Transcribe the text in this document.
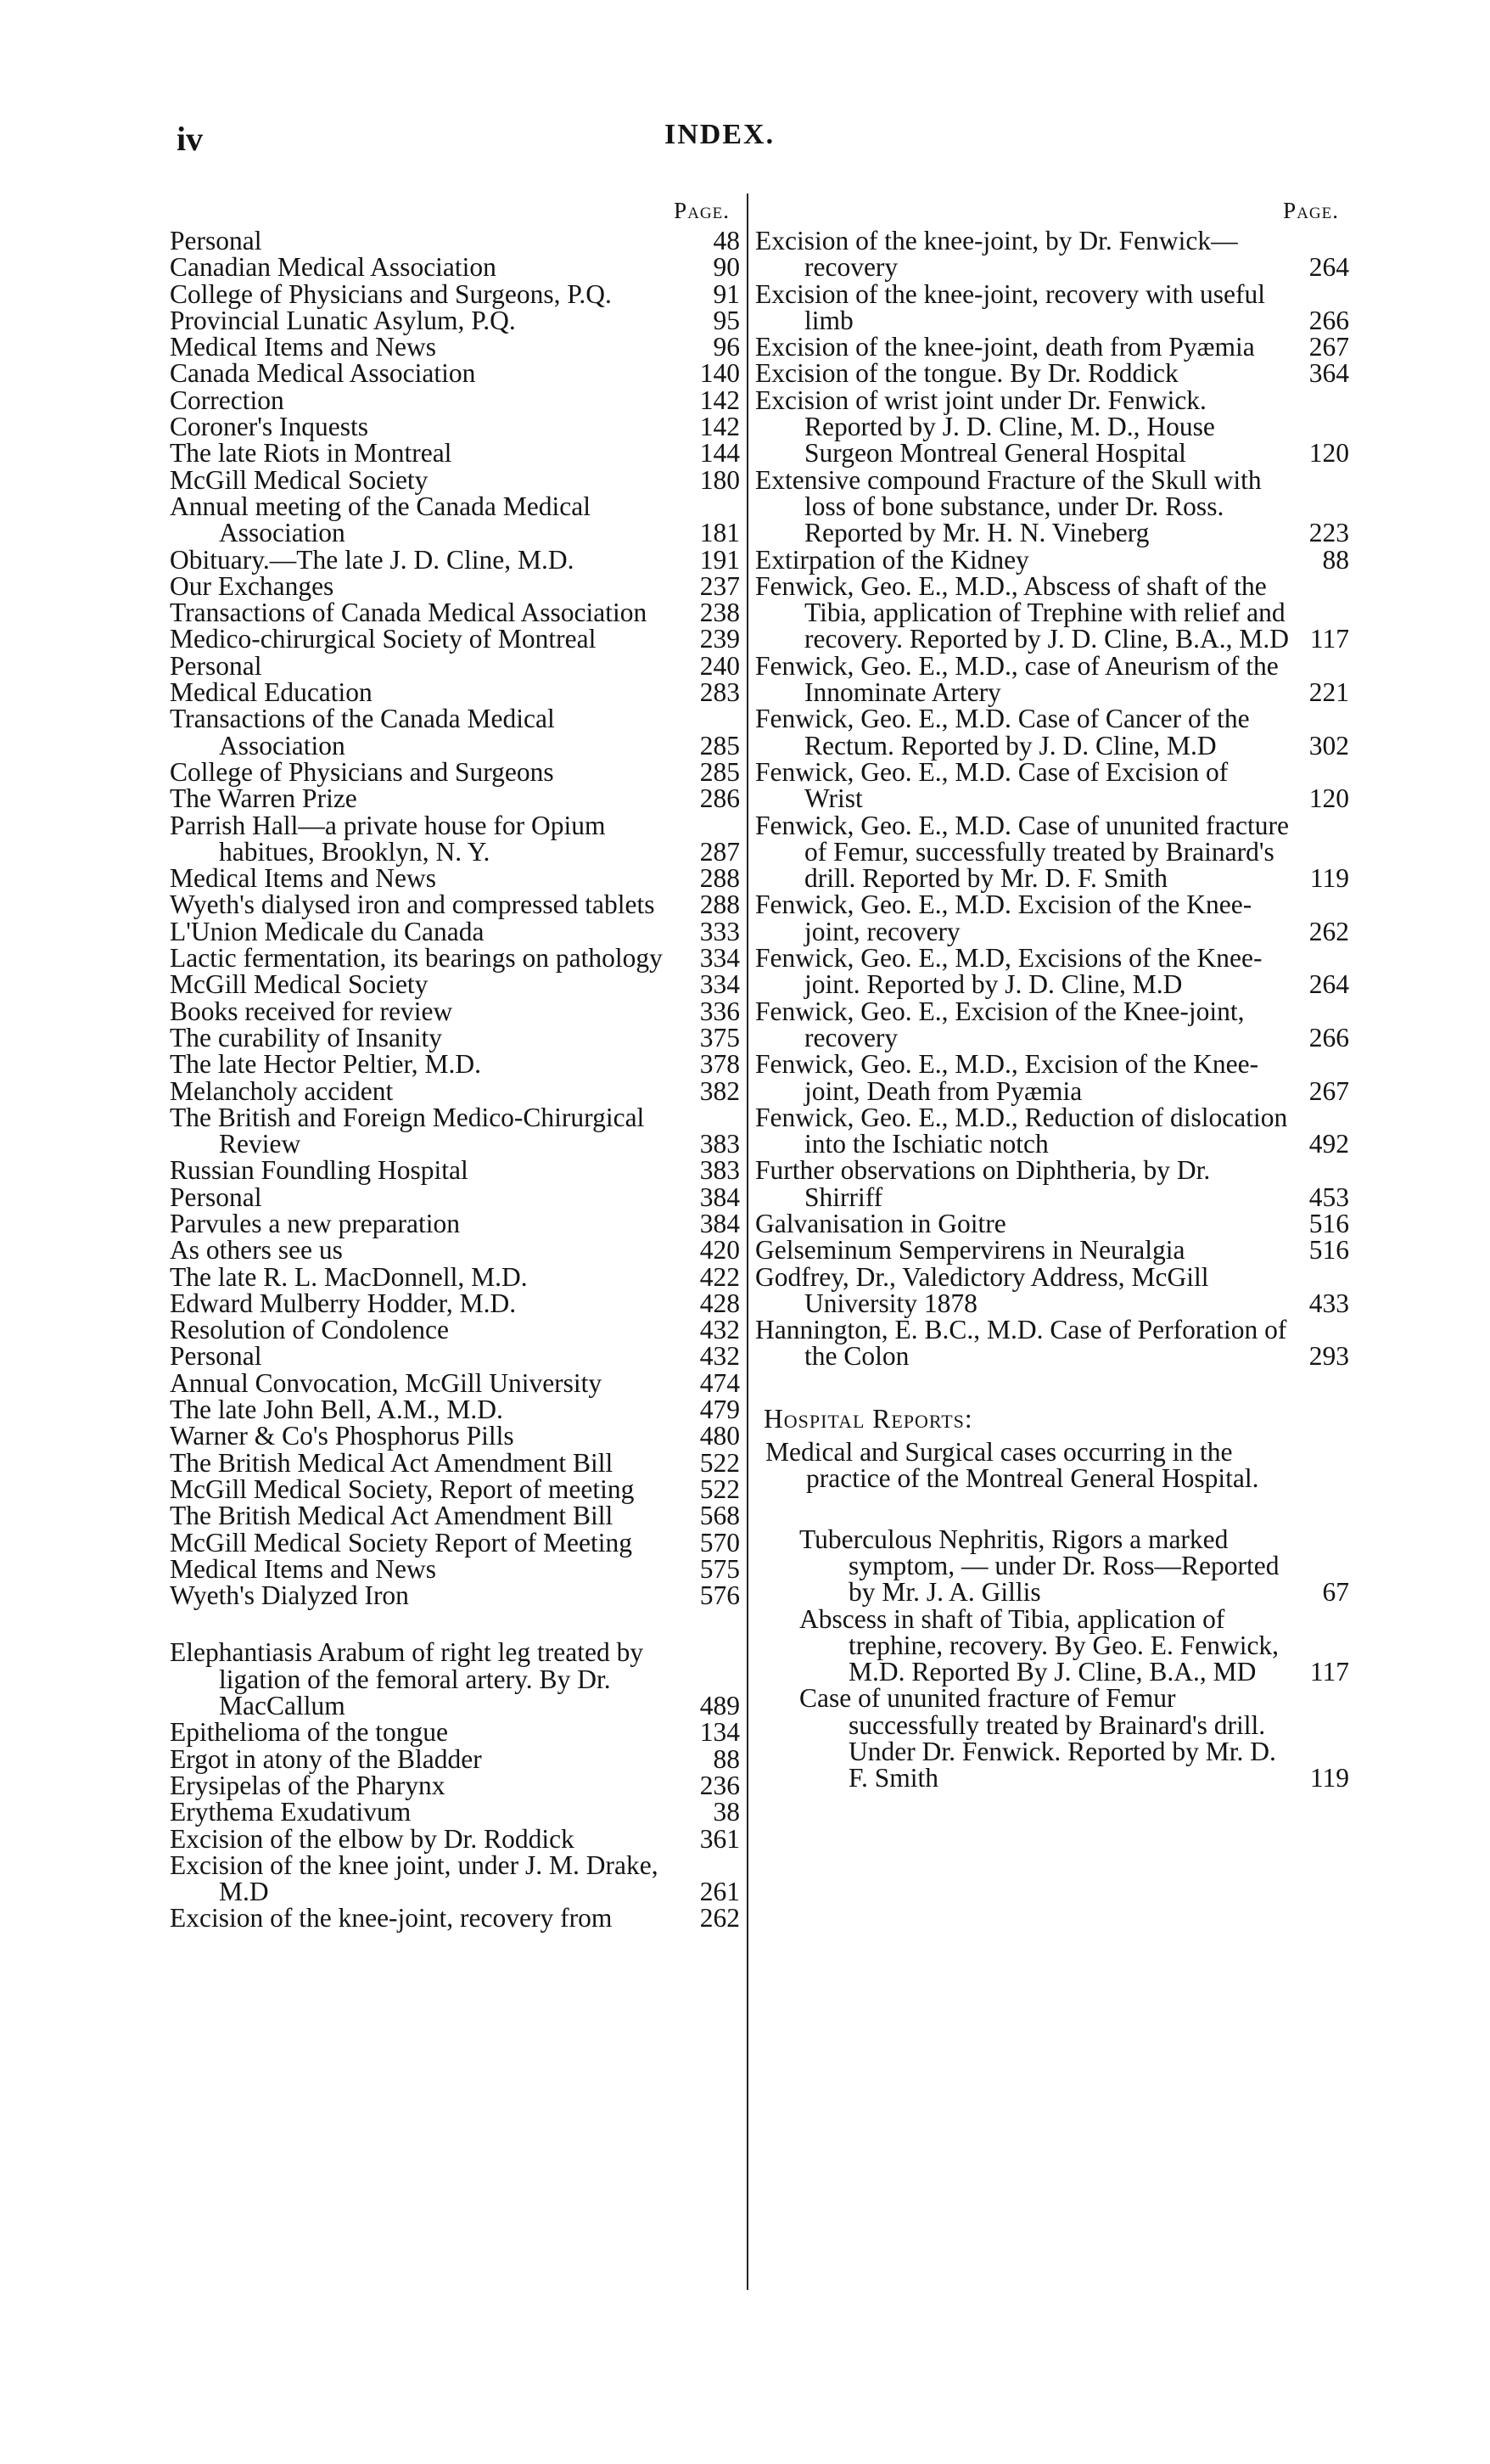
iv	INDEX.
Page.
Personal	48
Canadian Medical Association	90
College of Physicians and Surgeons, P.Q.	91
Provincial Lunatic Asylum, P.Q.	95
Medical Items and News	96
Canada Medical Association	140
Correction	142
Coroner's Inquests	142
The late Riots in Montreal	144
McGill Medical Society	180
Annual meeting of the Canada Medical Association	181
Obituary.—The late J. D. Cline, M.D.	191
Our Exchanges	237
Transactions of Canada Medical Association	238
Medico-chirurgical Society of Montreal	239
Personal	240
Medical Education	283
Transactions of the Canada Medical Association	285
College of Physicians and Surgeons	285
The Warren Prize	286
Parrish Hall—a private house for Opium habitues, Brooklyn, N. Y.	287
Medical Items and News	288
Wyeth's dialysed iron and compressed tablets	288
L'Union Medicale du Canada	333
Lactic fermentation, its bearings on pathology	334
McGill Medical Society	334
Books received for review	336
The curability of Insanity	375
The late Hector Peltier, M.D.	378
Melancholy accident	382
The British and Foreign Medico-Chirurgical Review	383
Russian Foundling Hospital	383
Personal	384
Parvules a new preparation	384
As others see us	420
The late R. L. MacDonnell, M.D.	422
Edward Mulberry Hodder, M.D.	428
Resolution of Condolence	432
Personal	432
Annual Convocation, McGill University	474
The late John Bell, A.M., M.D.	479
Warner & Co's Phosphorus Pills	480
The British Medical Act Amendment Bill	522
McGill Medical Society, Report of meeting	522
The British Medical Act Amendment Bill	568
McGill Medical Society Report of Meeting	570
Medical Items and News	575
Wyeth's Dialyzed Iron	576
Elephantiasis Arabum of right leg treated by ligation of the femoral artery. By Dr. MacCallum	489
Epithelioma of the tongue	134
Ergot in atony of the Bladder	88
Erysipelas of the Pharynx	236
Erythema Exudativum	38
Excision of the elbow by Dr. Roddick	361
Excision of the knee joint, under J. M. Drake, M.D	261
Excision of the knee-joint, recovery from	262
Page.
Excision of the knee-joint, by Dr. Fenwick—recovery	264
Excision of the knee-joint, recovery with useful limb	266
Excision of the knee-joint, death from Pyæmia	267
Excision of the tongue. By Dr. Roddick	364
Excision of wrist joint under Dr. Fenwick. Reported by J. D. Cline, M. D., House Surgeon Montreal General Hospital	120
Extensive compound Fracture of the Skull with loss of bone substance, under Dr. Ross. Reported by Mr. H. N. Vineberg	223
Extirpation of the Kidney	88
Fenwick, Geo. E., M.D., Abscess of shaft of the Tibia, application of Trephine with relief and recovery. Reported by J. D. Cline, B.A., M.D 117
Fenwick, Geo. E., M.D., case of Aneurism of the Innominate Artery	221
Fenwick, Geo. E., M.D. Case of Cancer of the Rectum. Reported by J. D. Cline, M.D	302
Fenwick, Geo. E., M.D. Case of Excision of Wrist	120
Fenwick, Geo. E., M.D. Case of ununited fracture of Femur, successfully treated by Brainard's drill. Reported by Mr. D. F. Smith	119
Fenwick, Geo. E., M.D. Excision of the Knee-joint, recovery	262
Fenwick, Geo. E., M.D, Excisions of the Knee-joint. Reported by J. D. Cline, M.D	264
Fenwick, Geo. E., Excision of the Knee-joint, recovery	266
Fenwick, Geo. E., M.D., Excision of the Knee-joint, Death from Pyæmia	267
Fenwick, Geo. E., M.D., Reduction of dislocation into the Ischiatic notch	492
Further observations on Diphtheria, by Dr. Shirriff	453
Galvanisation in Goitre	516
Gelseminum Sempervirens in Neuralgia	516
Godfrey, Dr., Valedictory Address, McGill University 1878	433
Hannington, E. B.C., M.D. Case of Perforation of the Colon	293
Hospital Reports:
Medical and Surgical cases occurring in the practice of the Montreal General Hospital.
Tuberculous Nephritis, Rigors a marked symptom, — under Dr. Ross—Reported by Mr. J. A. Gillis	67
Abscess in shaft of Tibia, application of trephine, recovery. By Geo. E. Fenwick, M.D. Reported By J. Cline, B.A., MD	117
Case of ununited fracture of Femur successfully treated by Brainard's drill. Under Dr. Fenwick. Reported by Mr. D. F. Smith	119
